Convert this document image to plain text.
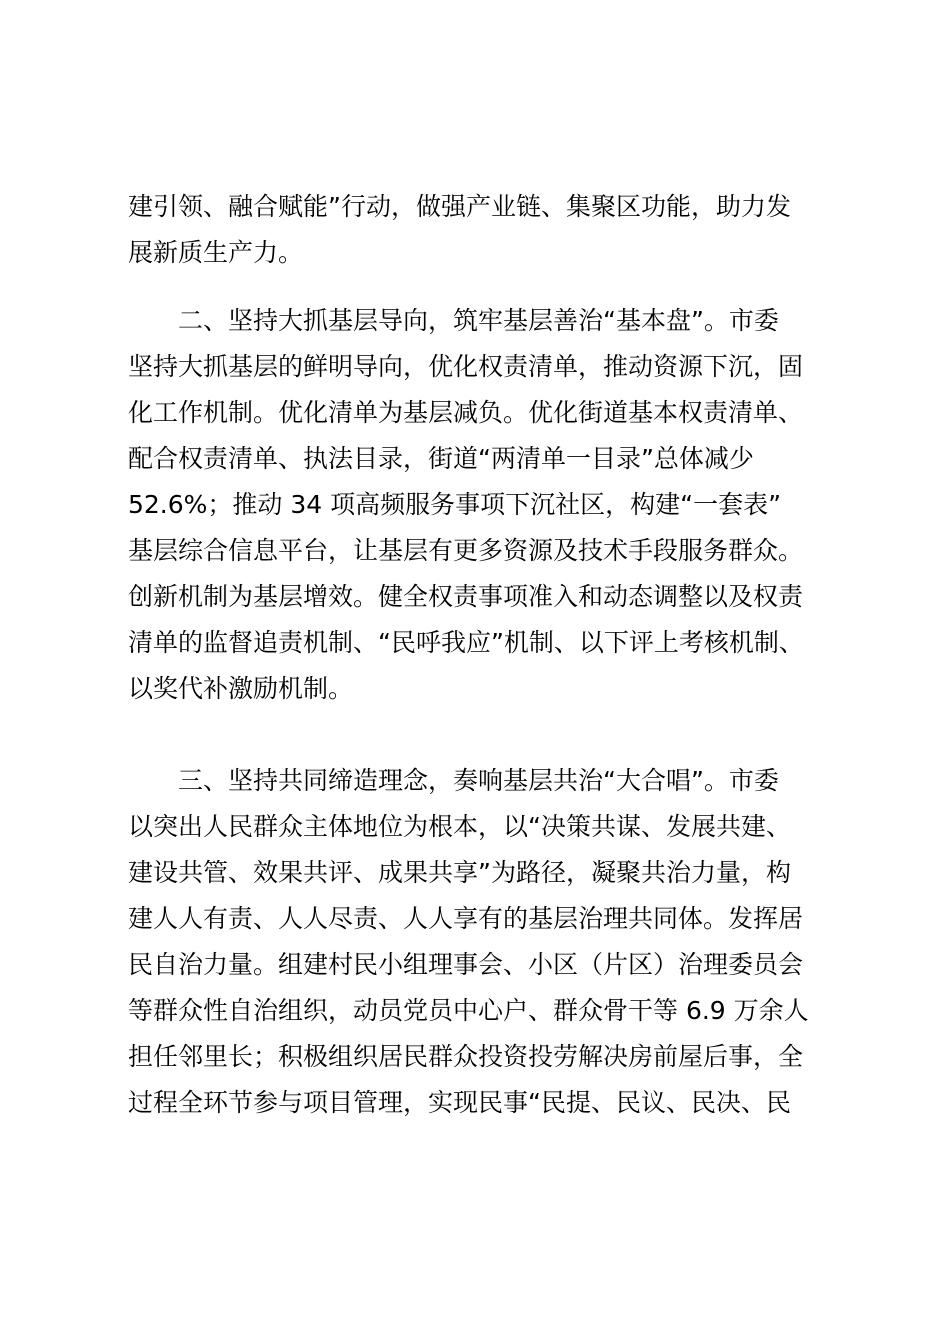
建引领、融合赋能”行动，做强产业链、集聚区功能，助力发
展新质生产力。
二、坚持大抓基层导向，筑牢基层善治“基本盘”。市委
坚持大抓基层的鲜明导向，优化权责清单，推动资源下沉，固
化工作机制。优化清单为基层减负。优化街道基本权责清单、
配合权责清单、执法目录，街道“两清单一目录”总体减少
52.6%；推动 34 项高频服务事项下沉社区，构建“一套表”
基层综合信息平台，让基层有更多资源及技术手段服务群众。
创新机制为基层增效。健全权责事项准入和动态调整以及权责
清单的监督追责机制、“民呼我应”机制、以下评上考核机制、
以奖代补激励机制。
三、坚持共同缔造理念，奏响基层共治“大合唱”。市委
以突出人民群众主体地位为根本，以“决策共谋、发展共建、
建设共管、效果共评、成果共享”为路径，凝聚共治力量，构
建人人有责、人人尽责、人人享有的基层治理共同体。发挥居
民自治力量。组建村民小组理事会、小区（片区）治理委员会
等群众性自治组织，动员党员中心户、群众骨干等 6.9 万余人
担任邻里长；积极组织居民群众投资投劳解决房前屋后事，全
过程全环节参与项目管理，实现民事“民提、民议、民决、民
